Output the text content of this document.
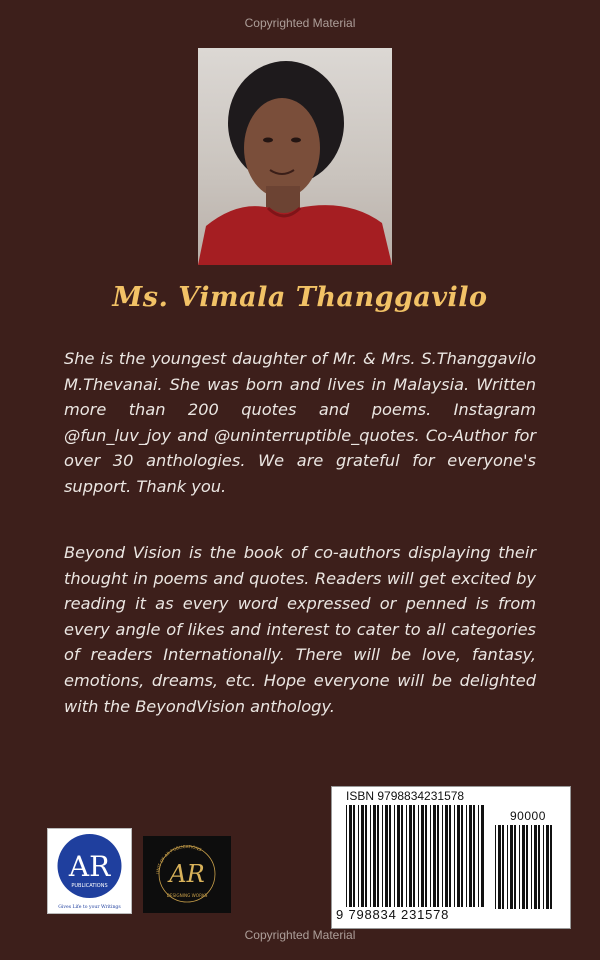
Copyrighted Material
Ms. Vimala Thanggavilo

She is the youngest daughter of Mr. & Mrs. S.Thanggavilo M.Thevanai. She was born and lives in Malaysia. Written more than 200 quotes and poems. Instagram @fun_luv_joy and @uninterruptible_quotes. Co-Author for over 30 anthologies. We are grateful for everyone's support. Thank you.

Beyond Vision is the book of co-authors displaying their thought in poems and quotes. Readers will get excited by reading it as every word expressed or penned is from every angle of likes and interest to cater to all categories of readers Internationally. There will be love, fantasy, emotions, dreams, etc. Hope everyone will be delighted with the BeyondVision anthology.

AR
PUBLICATIONS
Gives Life to your Writings
UNIT OF AR PUBLICATIONS
AR
DESIGNING WORKS
ISBN 9798834231578
90000
9 798834 231578
Copyrighted Material
